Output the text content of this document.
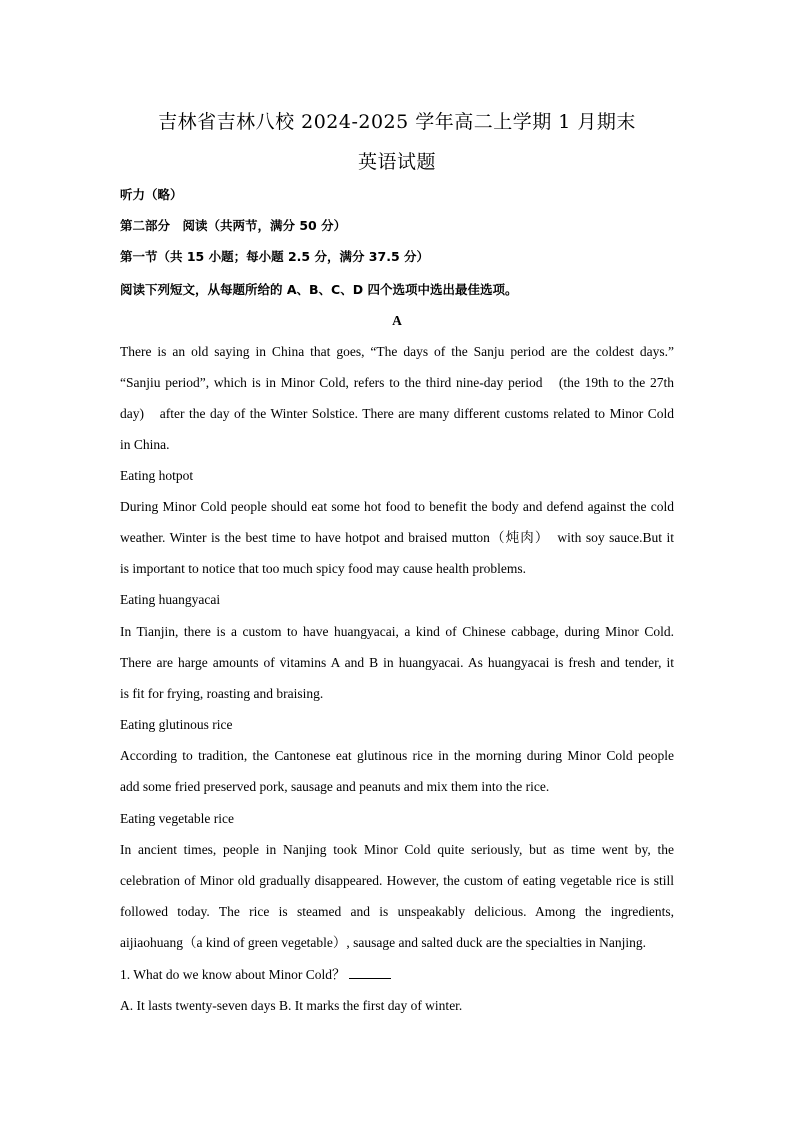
吉林省吉林八校 2024-2025 学年高二上学期 1 月期末
英语试题
听力（略）
第二部分　阅读（共两节，满分 50 分）
第一节（共 15 小题；每小题 2.5 分，满分 37.5 分）
阅读下列短文，从每题所给的 A、B、C、D 四个选项中选出最佳选项。
A
There is an old saying in China that goes, “The days of the Sanju period are the coldest days.”
“Sanjiu period”, which is in Minor Cold, refers to the third nine-day period　(the 19th to the 27th
day)　after the day of the Winter Solstice. There are many different customs related to Minor Cold
in China.
Eating hotpot
During Minor Cold people should eat some hot food to benefit the body and defend against the cold
weather. Winter is the best time to have hotpot and braised mutton（炖肉）　with soy sauce.But it
is important to notice that too much spicy food may cause health problems.
Eating huangyacai
In Tianjin, there is a custom to have huangyacai, a kind of Chinese cabbage, during Minor Cold.
There are harge amounts of vitamins A and B in huangyacai. As huangyacai is fresh and tender, it
is fit for frying, roasting and braising.
Eating glutinous rice
According to tradition, the Cantonese eat glutinous rice in the morning during Minor Cold people
add some fried preserved pork, sausage and peanuts and mix them into the rice.
Eating vegetable rice
In ancient times, people in Nanjing took Minor Cold quite seriously, but as time went by, the
celebration of Minor old gradually disappeared. However, the custom of eating vegetable rice is still
followed today. The rice is steamed and is unspeakably delicious. Among the ingredients,
aijiaohuang（a kind of green vegetable）, sausage and salted duck are the specialties in Nanjing.
1. What do we know about Minor Cold？
A. It lasts twenty-seven days B. It marks the first day of winter.
